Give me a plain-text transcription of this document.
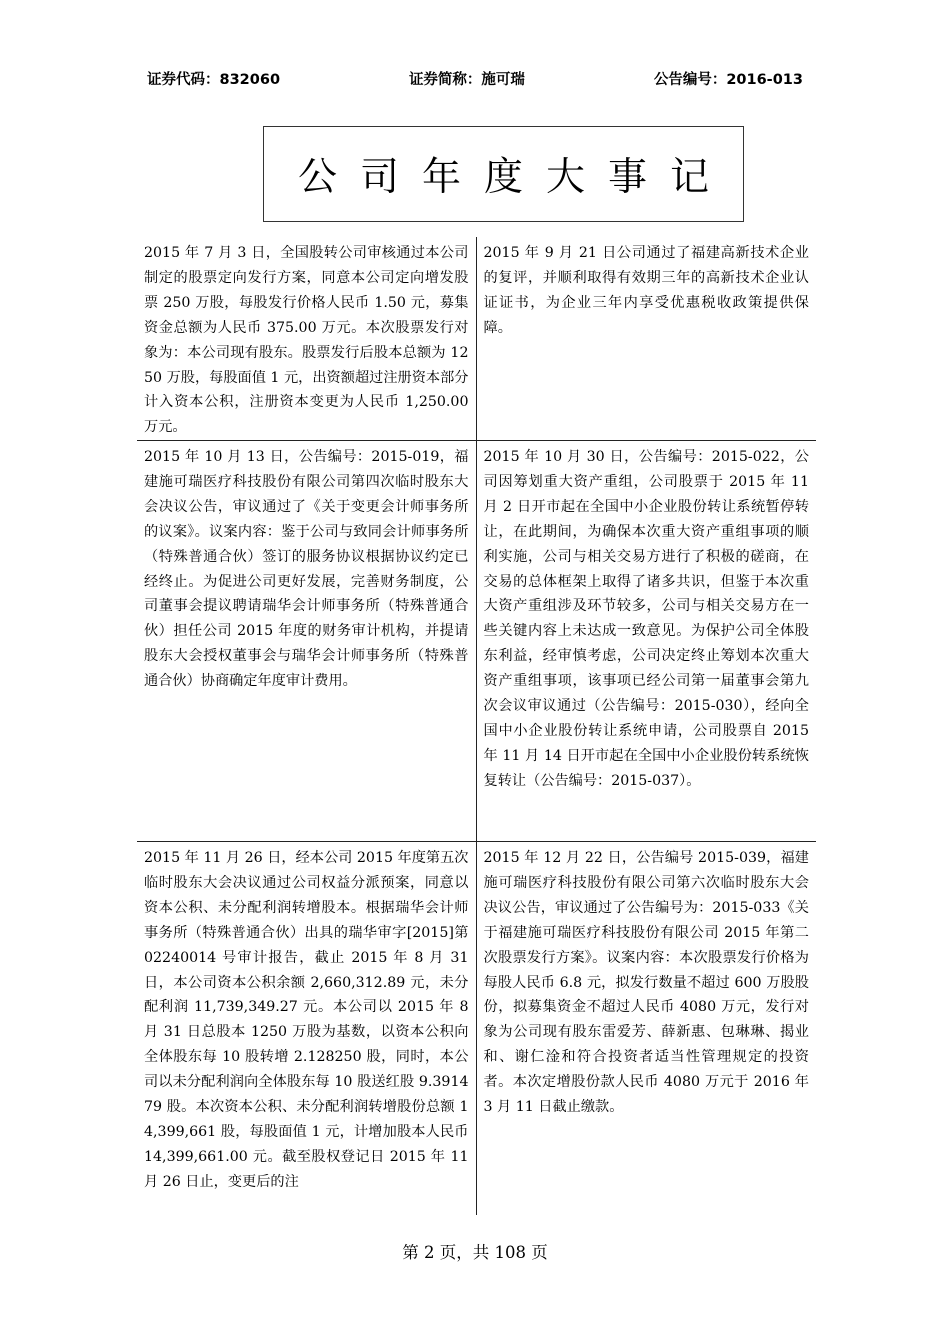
证券代码：832060	证券简称：施可瑞	公告编号：2016-013
公司年度大事记
2015 年 7 月 3 日，全国股转公司审核通过本公司制定的股票定向发行方案，同意本公司定向增发股票 250 万股，每股发行价格人民币 1.50 元，募集资金总额为人民币 375.00 万元。本次股票发行对象为：本公司现有股东。股票发行后股本总额为 1250 万股，每股面值 1 元，出资额超过注册资本部分计入资本公积，注册资本变更为人民币 1,250.00 万元。
2015 年 9 月 21 日公司通过了福建高新技术企业的复评，并顺利取得有效期三年的高新技术企业认证证书，为企业三年内享受优惠税收政策提供保障。
2015 年 10 月 13 日，公告编号：2015-019，福建施可瑞医疗科技股份有限公司第四次临时股东大会决议公告，审议通过了《关于变更会计师事务所的议案》。议案内容：鉴于公司与致同会计师事务所（特殊普通合伙）签订的服务协议根据协议约定已经终止。为促进公司更好发展，完善财务制度，公司董事会提议聘请瑞华会计师事务所（特殊普通合伙）担任公司 2015 年度的财务审计机构，并提请股东大会授权董事会与瑞华会计师事务所（特殊普通合伙）协商确定年度审计费用。
2015 年 10 月 30 日，公告编号：2015-022，公司因筹划重大资产重组，公司股票于 2015 年 11 月 2 日开市起在全国中小企业股份转让系统暂停转让，在此期间，为确保本次重大资产重组事项的顺利实施，公司与相关交易方进行了积极的磋商，在交易的总体框架上取得了诸多共识，但鉴于本次重大资产重组涉及环节较多，公司与相关交易方在一些关键内容上未达成一致意见。为保护公司全体股东利益，经审慎考虑，公司决定终止筹划本次重大资产重组事项，该事项已经公司第一届董事会第九次会议审议通过（公告编号：2015-030），经向全国中小企业股份转让系统申请，公司股票自 2015 年 11 月 14 日开市起在全国中小企业股份转系统恢复转让（公告编号：2015-037）。
2015 年 11 月 26 日，经本公司 2015 年度第五次临时股东大会决议通过公司权益分派预案，同意以资本公积、未分配利润转增股本。根据瑞华会计师事务所（特殊普通合伙）出具的瑞华审字[2015]第 02240014 号审计报告，截止 2015 年 8 月 31 日，本公司资本公积余额 2,660,312.89 元，未分配利润 11,739,349.27 元。本公司以 2015 年 8 月 31 日总股本 1250 万股为基数，以资本公积向全体股东每 10 股转增 2.128250 股，同时，本公司以未分配利润向全体股东每 10 股送红股 9.391479 股。本次资本公积、未分配利润转增股份总额 14,399,661 股，每股面值 1 元，计增加股本人民币 14,399,661.00 元。截至股权登记日 2015 年 11 月 26 日止，变更后的注
2015 年 12 月 22 日，公告编号 2015-039，福建施可瑞医疗科技股份有限公司第六次临时股东大会决议公告，审议通过了公告编号为：2015-033《关于福建施可瑞医疗科技股份有限公司 2015 年第二次股票发行方案》。议案内容：本次股票发行价格为每股人民币 6.8 元，拟发行数量不超过 600 万股股份，拟募集资金不超过人民币 4080 万元，发行对象为公司现有股东雷爱芳、薛新惠、包琳琳、揭业和、谢仁淦和符合投资者适当性管理规定的投资者。本次定增股份款人民币 4080 万元于 2016 年 3 月 11 日截止缴款。
第 2 页，共 108 页
